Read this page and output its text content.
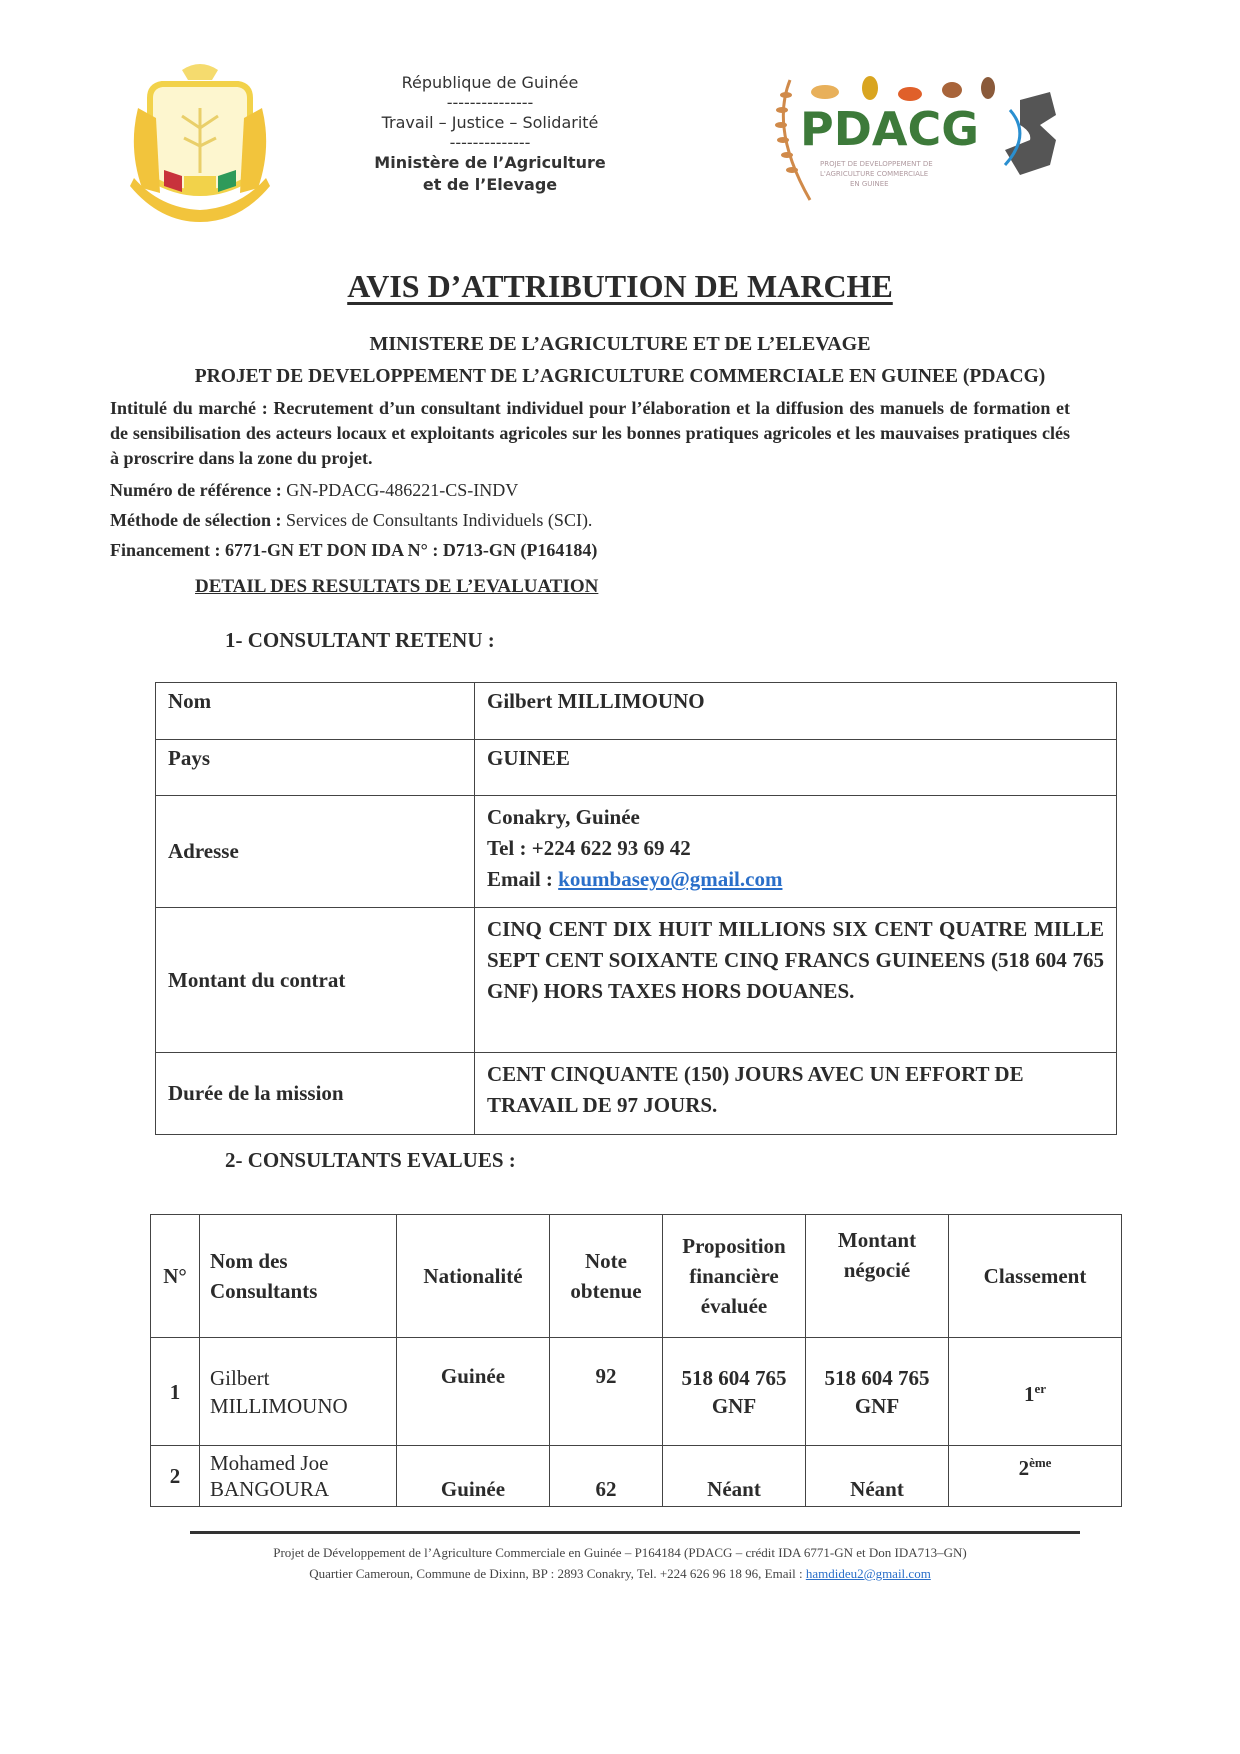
République de Guinée
---------------
Travail – Justice – Solidarité
--------------
Ministère de l’Agriculture
et de l’Elevage
PDACG
PROJET DE DEVELOPPEMENT DE
L'AGRICULTURE COMMERCIALE
EN GUINEE
AVIS D’ATTRIBUTION DE MARCHE
MINISTERE DE L’AGRICULTURE ET DE L’ELEVAGE
PROJET DE DEVELOPPEMENT DE L’AGRICULTURE COMMERCIALE EN GUINEE (PDACG)
Intitulé du marché : Recrutement d’un consultant individuel pour l’élaboration et la diffusion des manuels de formation et de sensibilisation des acteurs locaux et exploitants agricoles sur les bonnes pratiques agricoles et les mauvaises pratiques clés à proscrire dans la zone du projet.
Numéro de référence : GN-PDACG-486221-CS-INDV
Méthode de sélection : Services de Consultants Individuels (SCI).
Financement : 6771-GN ET DON IDA N° : D713-GN (P164184)
DETAIL DES RESULTATS DE L’EVALUATION
1- CONSULTANT RETENU :
Nom	Gilbert MILLIMOUNO
Pays	GUINEE
Adresse	Conakry, Guinée
Tel : +224 622 93 69 42
Email : koumbaseyo@gmail.com

Montant du contrat	CINQ CENT DIX HUIT MILLIONS SIX CENT QUATRE MILLE SEPT CENT SOIXANTE CINQ FRANCS GUINEENS (518 604 765 GNF) HORS TAXES HORS DOUANES.
Durée de la mission	CENT CINQUANTE (150) JOURS AVEC UN EFFORT DE TRAVAIL DE 97 JOURS.
2- CONSULTANTS EVALUES :
N°	Nom des Consultants	Nationalité	Note obtenue	Proposition financière évaluée	Montant négocié	Classement
1	Gilbert MILLIMOUNO	Guinée	92	518 604 765 GNF	518 604 765 GNF	1er
2	Mohamed Joe BANGOURA	Guinée	62	Néant	Néant	2ème
Projet de Développement de l’Agriculture Commerciale en Guinée – P164184 (PDACG – crédit IDA 6771-GN et Don IDA713–GN)
Quartier Cameroun, Commune de Dixinn, BP : 2893 Conakry, Tel. +224 626 96 18 96, Email : hamdideu2@gmail.com
